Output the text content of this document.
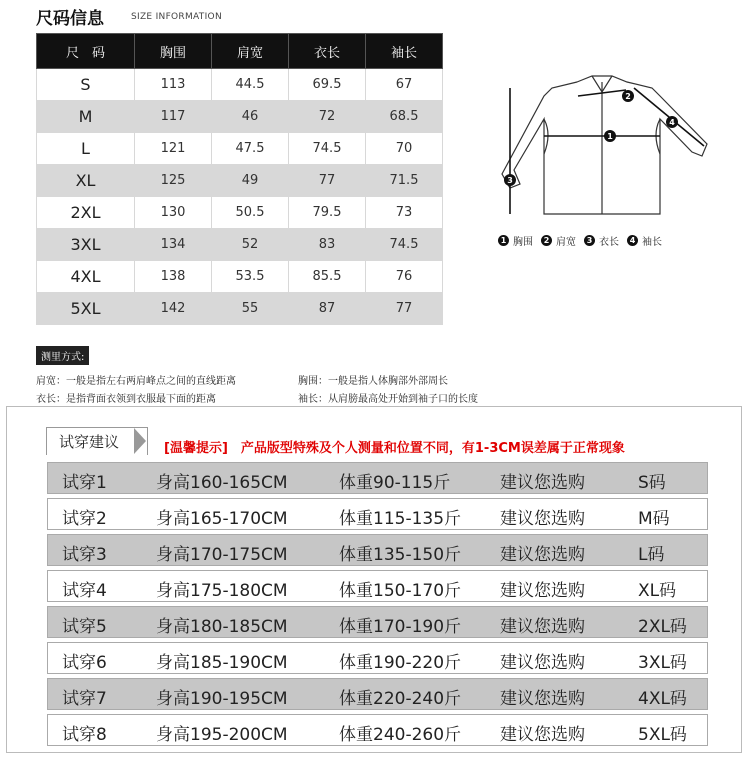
尺码信息	SIZE INFORMATION
尺　码	胸围	肩宽	衣长	袖长
S	113	44.5	69.5	67
M	117	46	72	68.5
L	121	47.5	74.5	70
XL	125	49	77	71.5
2XL	130	50.5	79.5	73
3XL	134	52	83	74.5
4XL	138	53.5	85.5	76
5XL	142	55	87	77
1
2
3
4
1 胸围	2 肩宽	3 衣长	4 袖长
测里方式:
肩宽：一般是指左右两肩峰点之间的直线距离	胸围：一般是指人体胸部外部周长
衣长：是指背面衣领到衣服最下面的距离	袖长：从肩膀最高处开始到袖子口的长度
试穿建议	[温馨提示]　产品版型特殊及个人测量和位置不同，有1-3CM误差属于正常现象
试穿1	身高160-165CM	体重90-115斤	建议您选购	S码
试穿2	身高165-170CM	体重115-135斤 建议您选购	M码
试穿3	身高170-175CM	体重135-150斤 建议您选购	L码
试穿4	身高175-180CM	体重150-170斤 建议您选购	XL码
试穿5	身高180-185CM	体重170-190斤 建议您选购	2XL码
试穿6	身高185-190CM	体重190-220斤 建议您选购	3XL码
试穿7	身高190-195CM	体重220-240斤 建议您选购	4XL码
试穿8	身高195-200CM	体重240-260斤 建议您选购	5XL码
